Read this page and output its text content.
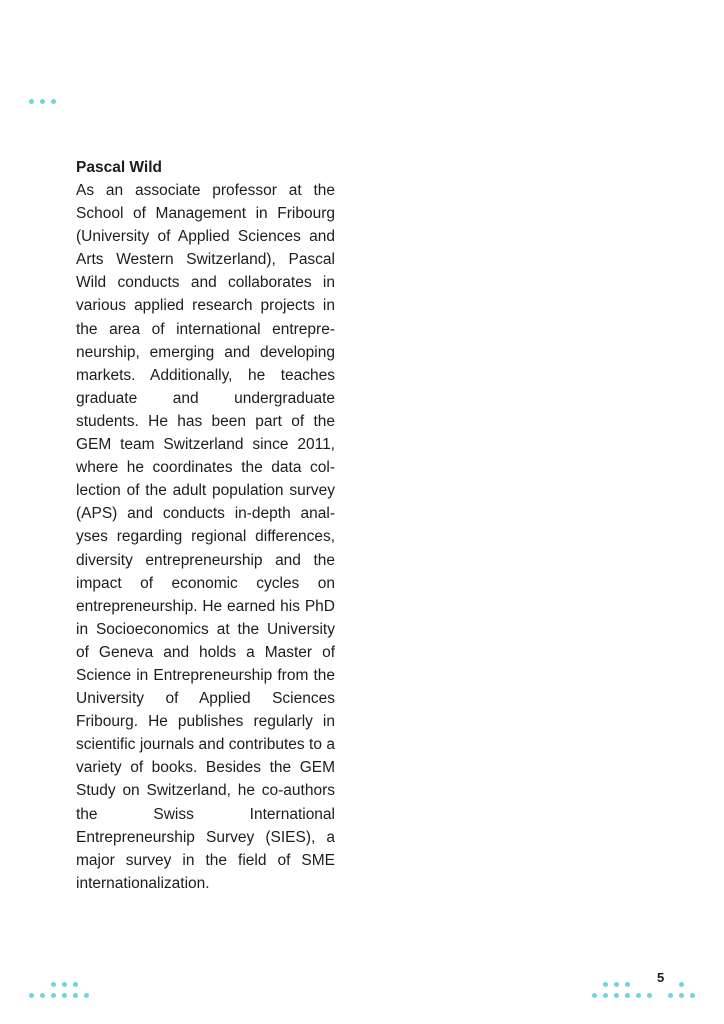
Pascal Wild

As an associate professor at the School of Management in Fribourg (University of Applied Sciences and Arts Western Switzerland), Pascal Wild conducts and collaborates in various applied research projects in the area of international entrepreneurship, emerging and developing markets. Additionally, he teaches graduate and undergraduate students. He has been part of the GEM team Switzerland since 2011, where he coordinates the data collection of the adult population survey (APS) and conducts in-depth analyses regarding regional differences, diversity entrepreneurship and the impact of economic cycles on entrepreneurship. He earned his PhD in Socioeconomics at the University of Geneva and holds a Master of Science in Entrepreneurship from the University of Applied Sciences Fribourg. He publishes regularly in scientific journals and contributes to a variety of books. Besides the GEM Study on Switzerland, he co-authors the Swiss International Entrepreneurship Survey (SIES), a major survey in the field of SME internationalization.

5
